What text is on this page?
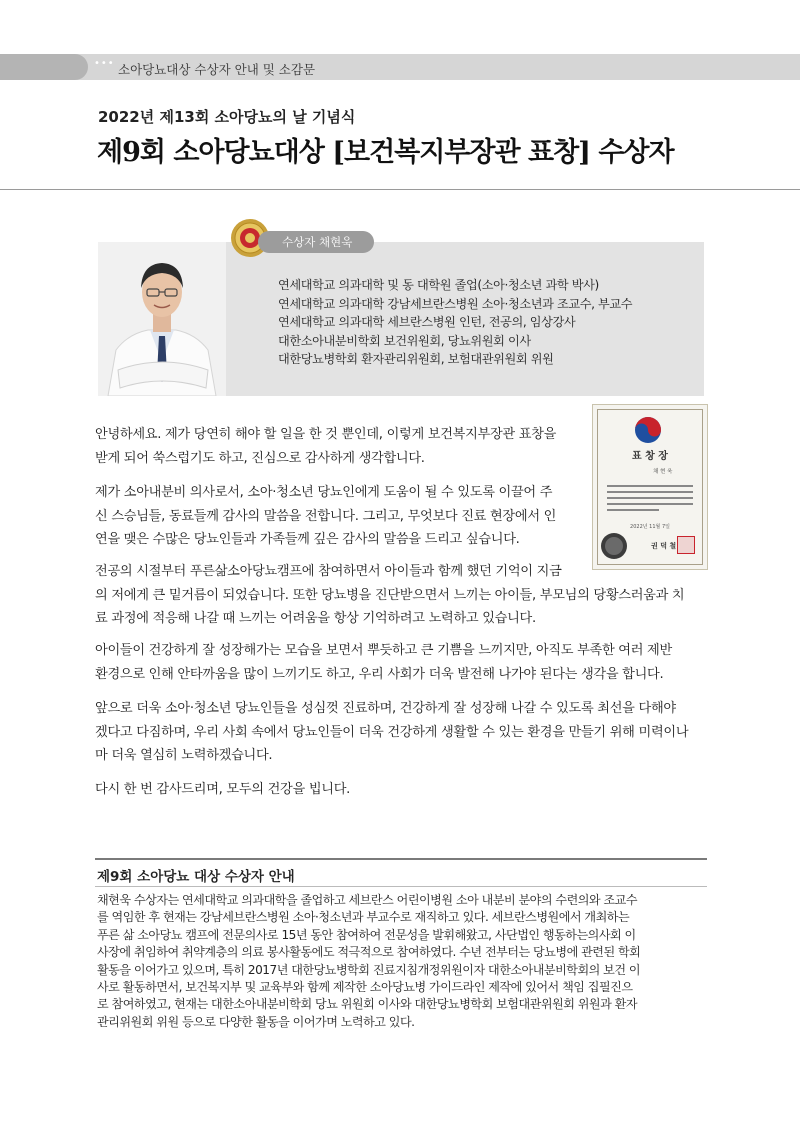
••• 소아당뇨대상 수상자 안내 및 소감문
2022년 제13회 소아당뇨의 날 기념식
제9회 소아당뇨대상 [보건복지부장관 표창] 수상자
수상자 채현욱
연세대학교 의과대학 및 동 대학원 졸업(소아·청소년 과학 박사)
연세대학교 의과대학 강남세브란스병원 소아·청소년과 조교수, 부교수
연세대학교 의과대학 세브란스병원 인턴, 전공의, 임상강사
대한소아내분비학회 보건위원회, 당뇨위원회 이사
대한당뇨병학회 환자관리위원회, 보험대관위원회 위원
표 창 장
채 현 욱
2022년 11월 7일
권 덕 철
안녕하세요. 제가 당연히 해야 할 일을 한 것 뿐인데, 이렇게 보건복지부장관 표창을
받게 되어 쑥스럽기도 하고, 진심으로 감사하게 생각합니다.
제가 소아내분비 의사로서, 소아·청소년 당뇨인에게 도움이 될 수 있도록 이끌어 주
신 스승님들, 동료들께 감사의 말씀을 전합니다. 그리고, 무엇보다 진료 현장에서 인
연을 맺은 수많은 당뇨인들과 가족들께 깊은 감사의 말씀을 드리고 싶습니다.
전공의 시절부터 푸른삶소아당뇨캠프에 참여하면서 아이들과 함께 했던 기억이 지금
의 저에게 큰 밑거름이 되었습니다. 또한 당뇨병을 진단받으면서 느끼는 아이들, 부모님의 당황스러움과 치
료 과정에 적응해 나갈 때 느끼는 어려움을 항상 기억하려고 노력하고 있습니다.
아이들이 건강하게 잘 성장해가는 모습을 보면서 뿌듯하고 큰 기쁨을 느끼지만, 아직도 부족한 여러 제반
환경으로 인해 안타까움을 많이 느끼기도 하고, 우리 사회가 더욱 발전해 나가야 된다는 생각을 합니다.
앞으로 더욱 소아·청소년 당뇨인들을 성심껏 진료하며, 건강하게 잘 성장해 나갈 수 있도록 최선을 다해야
겠다고 다짐하며, 우리 사회 속에서 당뇨인들이 더욱 건강하게 생활할 수 있는 환경을 만들기 위해 미력이나
마 더욱 열심히 노력하겠습니다.
다시 한 번 감사드리며, 모두의 건강을 빕니다.
제9회 소아당뇨 대상 수상자 안내
채현욱 수상자는 연세대학교 의과대학을 졸업하고 세브란스 어린이병원 소아 내분비 분야의 수련의와 조교수
를 역임한 후 현재는 강남세브란스병원 소아·청소년과 부교수로 재직하고 있다. 세브란스병원에서 개최하는
푸른 삶 소아당뇨 캠프에 전문의사로 15년 동안 참여하여 전문성을 발휘해왔고, 사단법인 행동하는의사회 이
사장에 취임하여 취약계층의 의료 봉사활동에도 적극적으로 참여하였다. 수년 전부터는 당뇨병에 관련된 학회
활동을 이어가고 있으며, 특히 2017년 대한당뇨병학회 진료지침개정위원이자 대한소아내분비학회의 보건 이
사로 활동하면서, 보건복지부 및 교육부와 함께 제작한 소아당뇨병 가이드라인 제작에 있어서 책임 집필진으
로 참여하였고, 현재는 대한소아내분비학회 당뇨 위원회 이사와 대한당뇨병학회 보험대관위원회 위원과 환자
관리위원회 위원 등으로 다양한 활동을 이어가며 노력하고 있다.
